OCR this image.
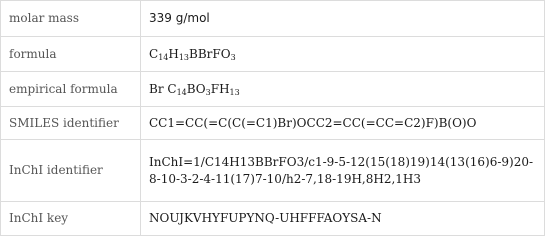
molar mass	339 g/mol
formula	$C_{14}H_{13}BBrFO_3$
empirical formula	Br $C_{14}BO_3FH_{13}$
SMILES identifier	CC1=CC(=C(C(=C1)Br)OCC2=CC(=CC=C2)F)B(O)O
InChI identifier	InChI=1/C14H13BBrFO3/c1-9-5-12(15(18)19)14(13(16)6-9)20-8-10-3-2-4-11(17)7-10/h2-7,18-19H,8H2,1H3
InChI key	NOUJKVHYFUPYNQ-UHFFFAOYSA-N
